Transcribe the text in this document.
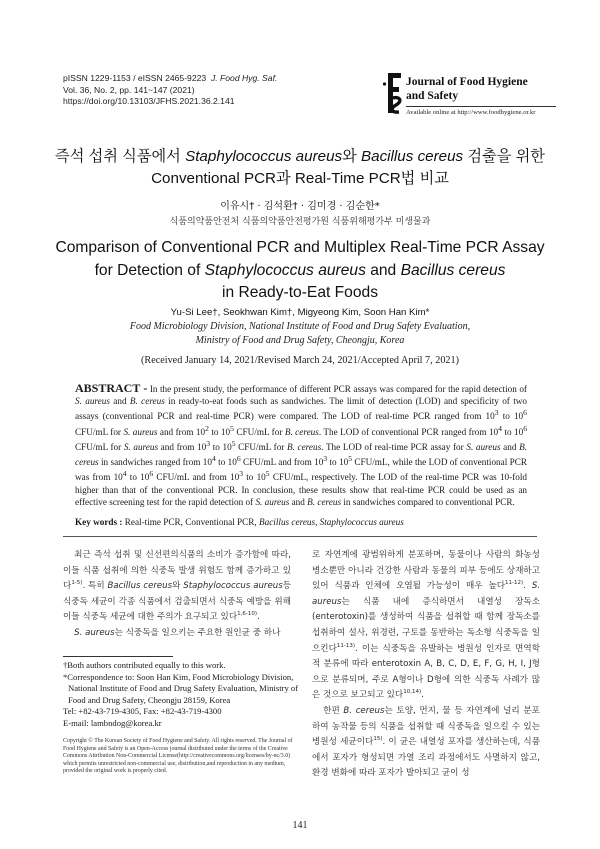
pISSN 1229-1153 / eISSN 2465-9223 J. Food Hyg. Saf.
Vol. 36, No. 2, pp. 141~147 (2021)
https://doi.org/10.13103/JFHS.2021.36.2.141
Journal of Food Hygiene
and Safety
Available online at http://www.foodhygiene.or.kr
즉석 섭취 식품에서 Staphylococcus aureus와 Bacillus cereus 검출을 위한
Conventional PCR과 Real-Time PCR법 비교
이유시† · 김석환† · 김미경 · 김순한*
식품의약품안전처 식품의약품안전평가원 식품위해평가부 미생물과
Comparison of Conventional PCR and Multiplex Real-Time PCR Assay
for Detection of Staphylococcus aureus and Bacillus cereus
in Ready-to-Eat Foods
Yu-Si Lee†, Seokhwan Kim†, Migyeong Kim, Soon Han Kim*
Food Microbiology Division, National Institute of Food and Drug Safety Evaluation,
Ministry of Food and Drug Safety, Cheongju, Korea
(Received January 14, 2021/Revised March 24, 2021/Accepted April 7, 2021)
ABSTRACT - In the present study, the performance of different PCR assays was compared for the rapid detection of S. aureus and B. cereus in ready-to-eat foods such as sandwiches. The limit of detection (LOD) and specificity of two assays (conventional PCR and real-time PCR) were compared. The LOD of real-time PCR ranged from $10^3$ to $10^6$ CFU/mL for S. aureus and from $10^2$ to $10^5$ CFU/mL for B. cereus. The LOD of conventional PCR ranged from $10^4$ to $10^6$ CFU/mL for S. aureus and from $10^3$ to $10^5$ CFU/mL for B. cereus. The LOD of real-time PCR assay for S. aureus and B. cereus in sandwiches ranged from $10^4$ to $10^6$ CFU/mL and from $10^3$ to $10^5$ CFU/mL, while the LOD of conventional PCR was from $10^4$ to $10^6$ CFU/mL and from $10^3$ to $10^5$ CFU/mL, respectively. The LOD of the real-time PCR was 10-fold higher than that of the conventional PCR. In conclusion, these results show that real-time PCR could be used as an effective screening test for the rapid detection of S. aureus and B. cereus in sandwiches compared to conventional PCR.
Key words : Real-time PCR, Conventional PCR, Bacillus cereus, Staphylococcus aureus

최근 즉석 섭취 및 신선편의식품의 소비가 증가함에 따라, 이들 식품 섭취에 의한 식중독 발생 위험도 함께 증가하고 있다$^{1-5)}$. 특히 Bacillus cereus와 Staphylococcus aureus등 식중독 세균이 각종 식품에서 검출되면서 식중독 예방을 위해 이들 식중독 세균에 대한 주의가 요구되고 있다$^{1,6-10)}$.

S. aureus는 식중독을 일으키는 주요한 원인균 중 하나

†Both authors contributed equally to this work.
*Correspondence to: Soon Han Kim, Food Microbiology Division,
National Institute of Food and Drug Safety Evaluation, Ministry of
Food and Drug Safety, Cheongju 28159, Korea
Tel: +82-43-719-4305, Fax: +82-43-719-4300
E-mail: lambndog@korea.kr
Copyright © The Korean Society of Food Hygiene and Safety. All rights reserved. The Journal of Food Hygiene and Safety is an Open-Access journal distributed under the terms of the Creative Commons Attribution Non-Commercial License(http://creativecommons.org/licenses/by-nc/3.0) which permits unrestricted non-commercial use, distribution,and reproduction in any medium, provided the original work is properly cited.

로 자연계에 광범위하게 분포하며, 동물이나 사람의 화농성 병소뿐만 아니라 건강한 사람과 동물의 피부 등에도 상재하고 있어 식품과 인체에 오염될 가능성이 매우 높다$^{11-12)}$. S. aureus는 식품 내에 증식하면서 내열성 장독소(enterotoxin)를 생성하여 식품을 섭취할 때 함께 장독소를 섭취하여 설사, 위경련, 구토를 동반하는 독소형 식중독을 일으킨다$^{11-13)}$. 이는 식중독을 유발하는 병원성 인자로 면역학적 분류에 따라 enterotoxin A, B, C, D, E, F, G, H, I, J형으로 분류되며, 주로 A형이나 D형에 의한 식중독 사례가 많은 것으로 보고되고 있다$^{10,14)}$.

한편 B. cereus는 토양, 먼지, 물 등 자연계에 널리 분포하여 농작물 등의 식품을 섭취할 때 식중독을 일으킬 수 있는 병원성 세균이다$^{15)}$. 이 균은 내열성 포자를 생산하는데, 식품에서 포자가 형성되면 가열 조리 과정에서도 사멸하지 않고, 환경 변화에 따라 포자가 발아되고 균이 성

141
